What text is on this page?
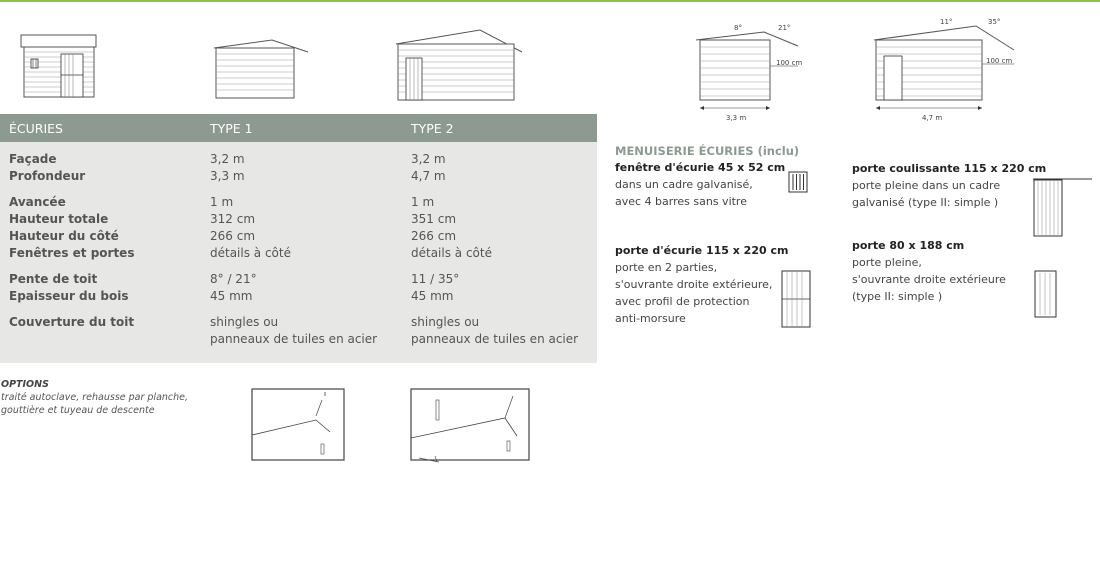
8°	21°
100 cm
3,3 m
11°	35°
100 cm
4,7 m
ÉCURIES	TYPE 1	TYPE 2
Façade	3,2 m	3,2 m
Profondeur	3,3 m	4,7 m
Avancée	1 m	1 m
Hauteur totale	312 cm	351 cm
Hauteur du côté	266 cm	266 cm
Fenêtres et portes	détails à côté	détails à côté
Pente de toit	8° / 21°	11 / 35°
Epaisseur du bois	45 mm	45 mm
Couverture du toit	shingles ou	shingles ou
panneaux de tuiles en acier	panneaux de tuiles en acier
OPTIONS
traité autoclave, rehausse par planche,
gouttière et tuyeau de descente
MENUISERIE ÉCURIES (inclu)
fenêtre d'écurie 45 x 52 cm
dans un cadre galvanisé,
avec 4 barres sans vitre
porte d'écurie 115 x 220 cm
porte en 2 parties,
s'ouvrante droite extérieure,
avec profil de protection
anti-morsure
porte coulissante 115 x 220 cm
porte pleine dans un cadre
galvanisé (type II: simple )
porte 80 x 188 cm
porte pleine,
s'ouvrante droite extérieure
(type II: simple )
